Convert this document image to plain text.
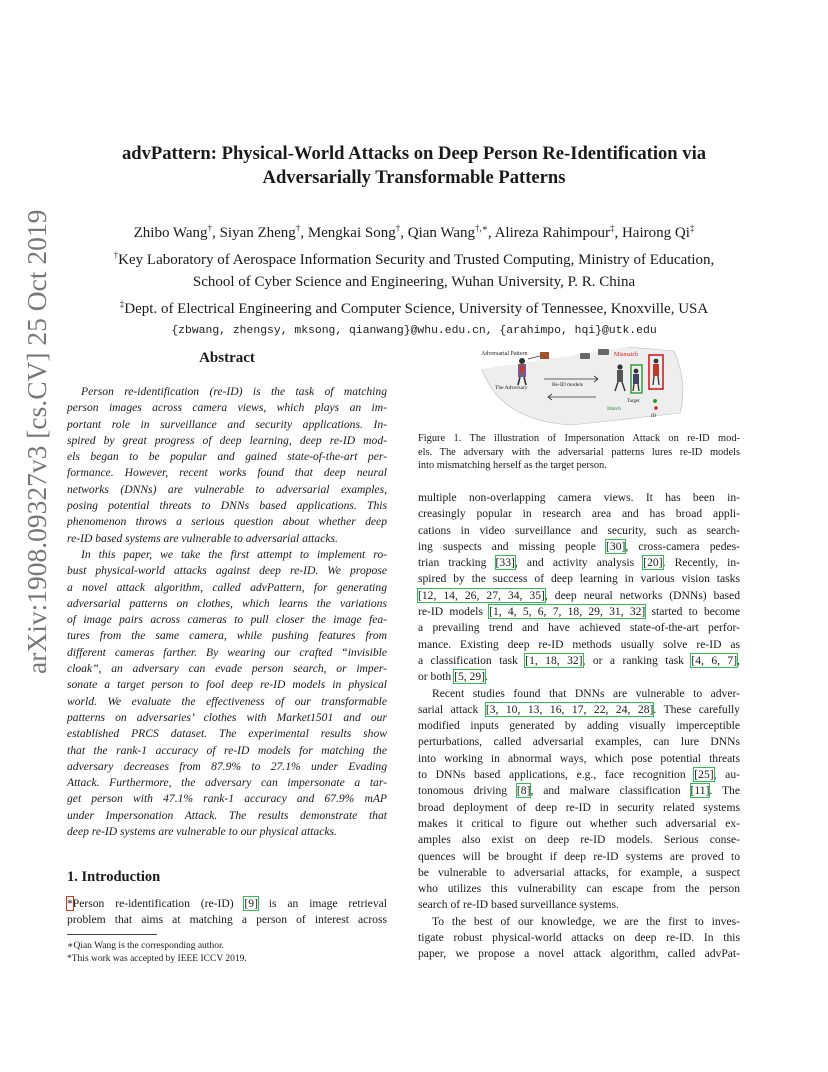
arXiv:1908.09327v3 [cs.CV] 25 Oct 2019
advPattern: Physical-World Attacks on Deep Person Re-Identification via
Adversarially Transformable Patterns
Zhibo Wang†, Siyan Zheng†, Mengkai Song†, Qian Wang†,∗, Alireza Rahimpour‡, Hairong Qi‡
†Key Laboratory of Aerospace Information Security and Trusted Computing, Ministry of Education,
School of Cyber Science and Engineering, Wuhan University, P. R. China
‡Dept. of Electrical Engineering and Computer Science, University of Tennessee, Knoxville, USA
{zbwang, zhengsy, mksong, qianwang}@whu.edu.cn, {arahimpo, hqi}@utk.edu
Abstract
Person re-identification (re-ID) is the task of matching
person images across camera views, which plays an im-
portant role in surveillance and security applications. In-
spired by great progress of deep learning, deep re-ID mod-
els began to be popular and gained state-of-the-art per-
formance. However, recent works found that deep neural
networks (DNNs) are vulnerable to adversarial examples,
posing potential threats to DNNs based applications. This
phenomenon throws a serious question about whether deep
re-ID based systems are vulnerable to adversarial attacks.
In this paper, we take the first attempt to implement ro-
bust physical-world attacks against deep re-ID. We propose
a novel attack algorithm, called advPattern, for generating
adversarial patterns on clothes, which learns the variations
of image pairs across cameras to pull closer the image fea-
tures from the same camera, while pushing features from
different cameras farther. By wearing our crafted “invisible
cloak”, an adversary can evade person search, or imper-
sonate a target person to fool deep re-ID models in physical
world. We evaluate the effectiveness of our transformable
patterns on adversaries’ clothes with Market1501 and our
established PRCS dataset. The experimental results show
that the rank-1 accuracy of re-ID models for matching the
adversary decreases from 87.9% to 27.1% under Evading
Attack. Furthermore, the adversary can impersonate a tar-
get person with 47.1% rank-1 accuracy and 67.9% mAP
under Impersonation Attack. The results demonstrate that
deep re-ID systems are vulnerable to our physical attacks.
1. Introduction
*Person re-identification (re-ID) [9] is an image retrieval
problem that aims at matching a person of interest across
∗Qian Wang is the corresponding author.
*This work was accepted by IEEE ICCV 2019.
Adversarial Pattern
The Adversary	Re-ID models
Mismatch
Match
Target
ID
Figure 1. The illustration of Impersonation Attack on re-ID mod-
els. The adversary with the adversarial patterns lures re-ID models
into mismatching herself as the target person.
multiple non-overlapping camera views. It has been in-
creasingly popular in research area and has broad appli-
cations in video surveillance and security, such as search-
ing suspects and missing people [30], cross-camera pedes-
trian tracking [33], and activity analysis [20]. Recently, in-
spired by the success of deep learning in various vision tasks
[12, 14, 26, 27, 34, 35], deep neural networks (DNNs) based
re-ID models [1, 4, 5, 6, 7, 18, 29, 31, 32] started to become
a prevailing trend and have achieved state-of-the-art perfor-
mance. Existing deep re-ID methods usually solve re-ID as
a classification task [1, 18, 32], or a ranking task [4, 6, 7],
or both [5, 29].
Recent studies found that DNNs are vulnerable to adver-
sarial attack [3, 10, 13, 16, 17, 22, 24, 28]. These carefully
modified inputs generated by adding visually imperceptible
perturbations, called adversarial examples, can lure DNNs
into working in abnormal ways, which pose potential threats
to DNNs based applications, e.g., face recognition [25], au-
tonomous driving [8], and malware classification [11]. The
broad deployment of deep re-ID in security related systems
makes it critical to figure out whether such adversarial ex-
amples also exist on deep re-ID models. Serious conse-
quences will be brought if deep re-ID systems are proved to
be vulnerable to adversarial attacks, for example, a suspect
who utilizes this vulnerability can escape from the person
search of re-ID based surveillance systems.
To the best of our knowledge, we are the first to inves-
tigate robust physical-world attacks on deep re-ID. In this
paper, we propose a novel attack algorithm, called advPat-
